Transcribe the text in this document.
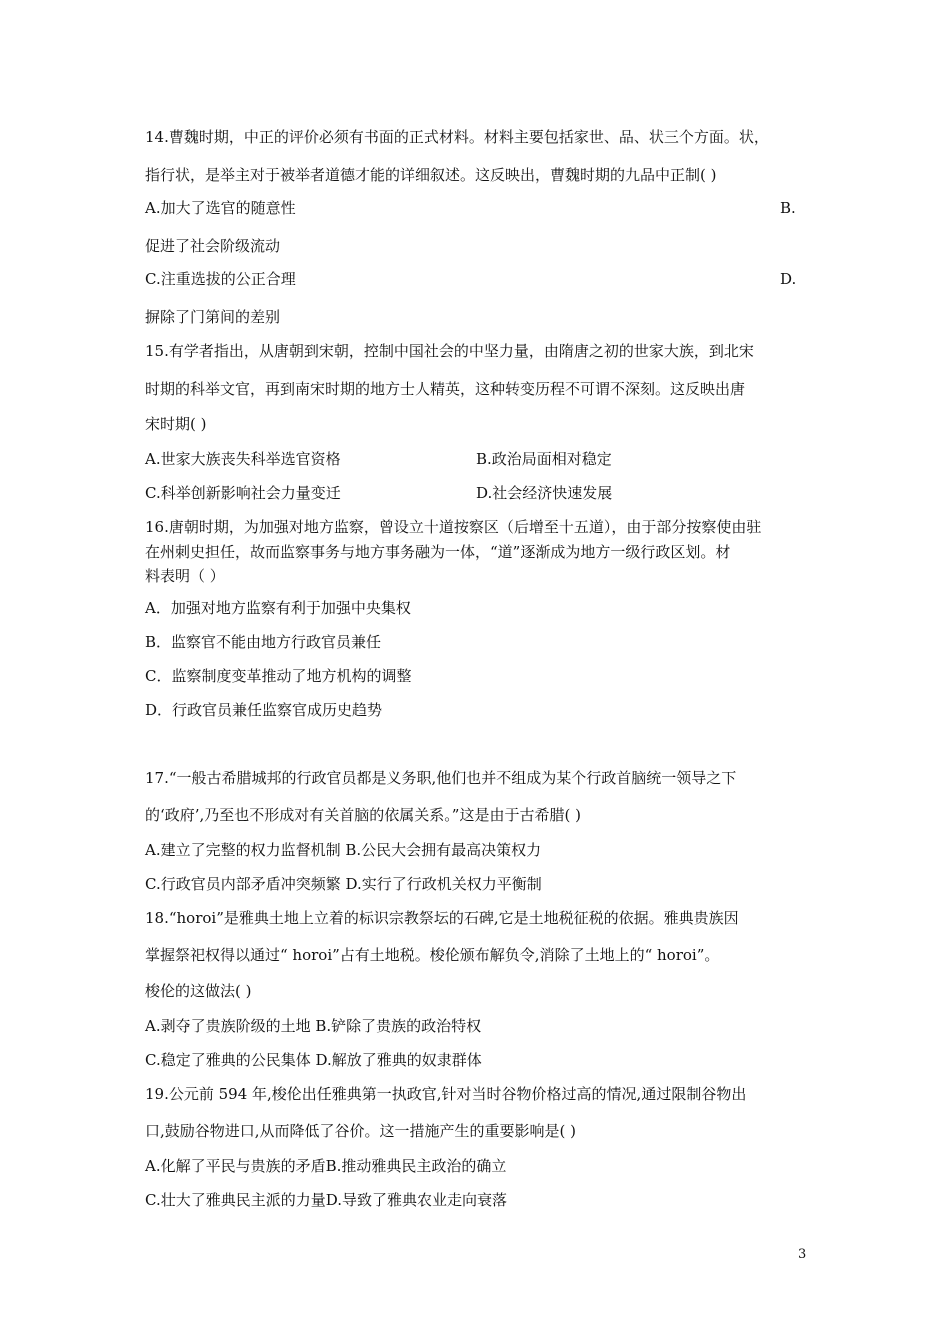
14.曹魏时期，中正的评价必须有书面的正式材料。材料主要包括家世、品、状三个方面。状，
指行状，是举主对于被举者道德才能的详细叙述。这反映出，曹魏时期的九品中正制( )
A.加大了选官的随意性	B.
促进了社会阶级流动
C.注重选拔的公正合理	D.
摒除了门第间的差别
15.有学者指出，从唐朝到宋朝，控制中国社会的中坚力量，由隋唐之初的世家大族，到北宋
时期的科举文官，再到南宋时期的地方士人精英，这种转变历程不可谓不深刻。这反映出唐
宋时期( )
A.世家大族丧失科举选官资格	B.政治局面相对稳定
C.科举创新影响社会力量变迁	D.社会经济快速发展
16.唐朝时期，为加强对地方监察，曾设立十道按察区（后增至十五道），由于部分按察使由驻
在州刺史担任，故而监察事务与地方事务融为一体，“道”逐渐成为地方一级行政区划。材
料表明（ ）
A．加强对地方监察有利于加强中央集权
B．监察官不能由地方行政官员兼任
C．监察制度变革推动了地方机构的调整
D．行政官员兼任监察官成历史趋势
17.“一般古希腊城邦的行政官员都是义务职,他们也并不组成为某个行政首脑统一领导之下
的‘政府’,乃至也不形成对有关首脑的依属关系。”这是由于古希腊( )
A.建立了完整的权力监督机制 B.公民大会拥有最高决策权力
C.行政官员内部矛盾冲突频繁 D.实行了行政机关权力平衡制
18.“horoi”是雅典土地上立着的标识宗教祭坛的石碑,它是土地税征税的依据。雅典贵族因
掌握祭祀权得以通过“ horoi”占有土地税。梭伦颁布解负令,消除了土地上的“ horoi”。
梭伦的这做法( )
A.剥夺了贵族阶级的土地 B.铲除了贵族的政治特权
C.稳定了雅典的公民集体 D.解放了雅典的奴隶群体
19.公元前 594 年,梭伦出任雅典第一执政官,针对当时谷物价格过高的情况,通过限制谷物出
口,鼓励谷物进口,从而降低了谷价。这一措施产生的重要影响是( )
A.化解了平民与贵族的矛盾B.推动雅典民主政治的确立
C.壮大了雅典民主派的力量D.导致了雅典农业走向衰落
3
